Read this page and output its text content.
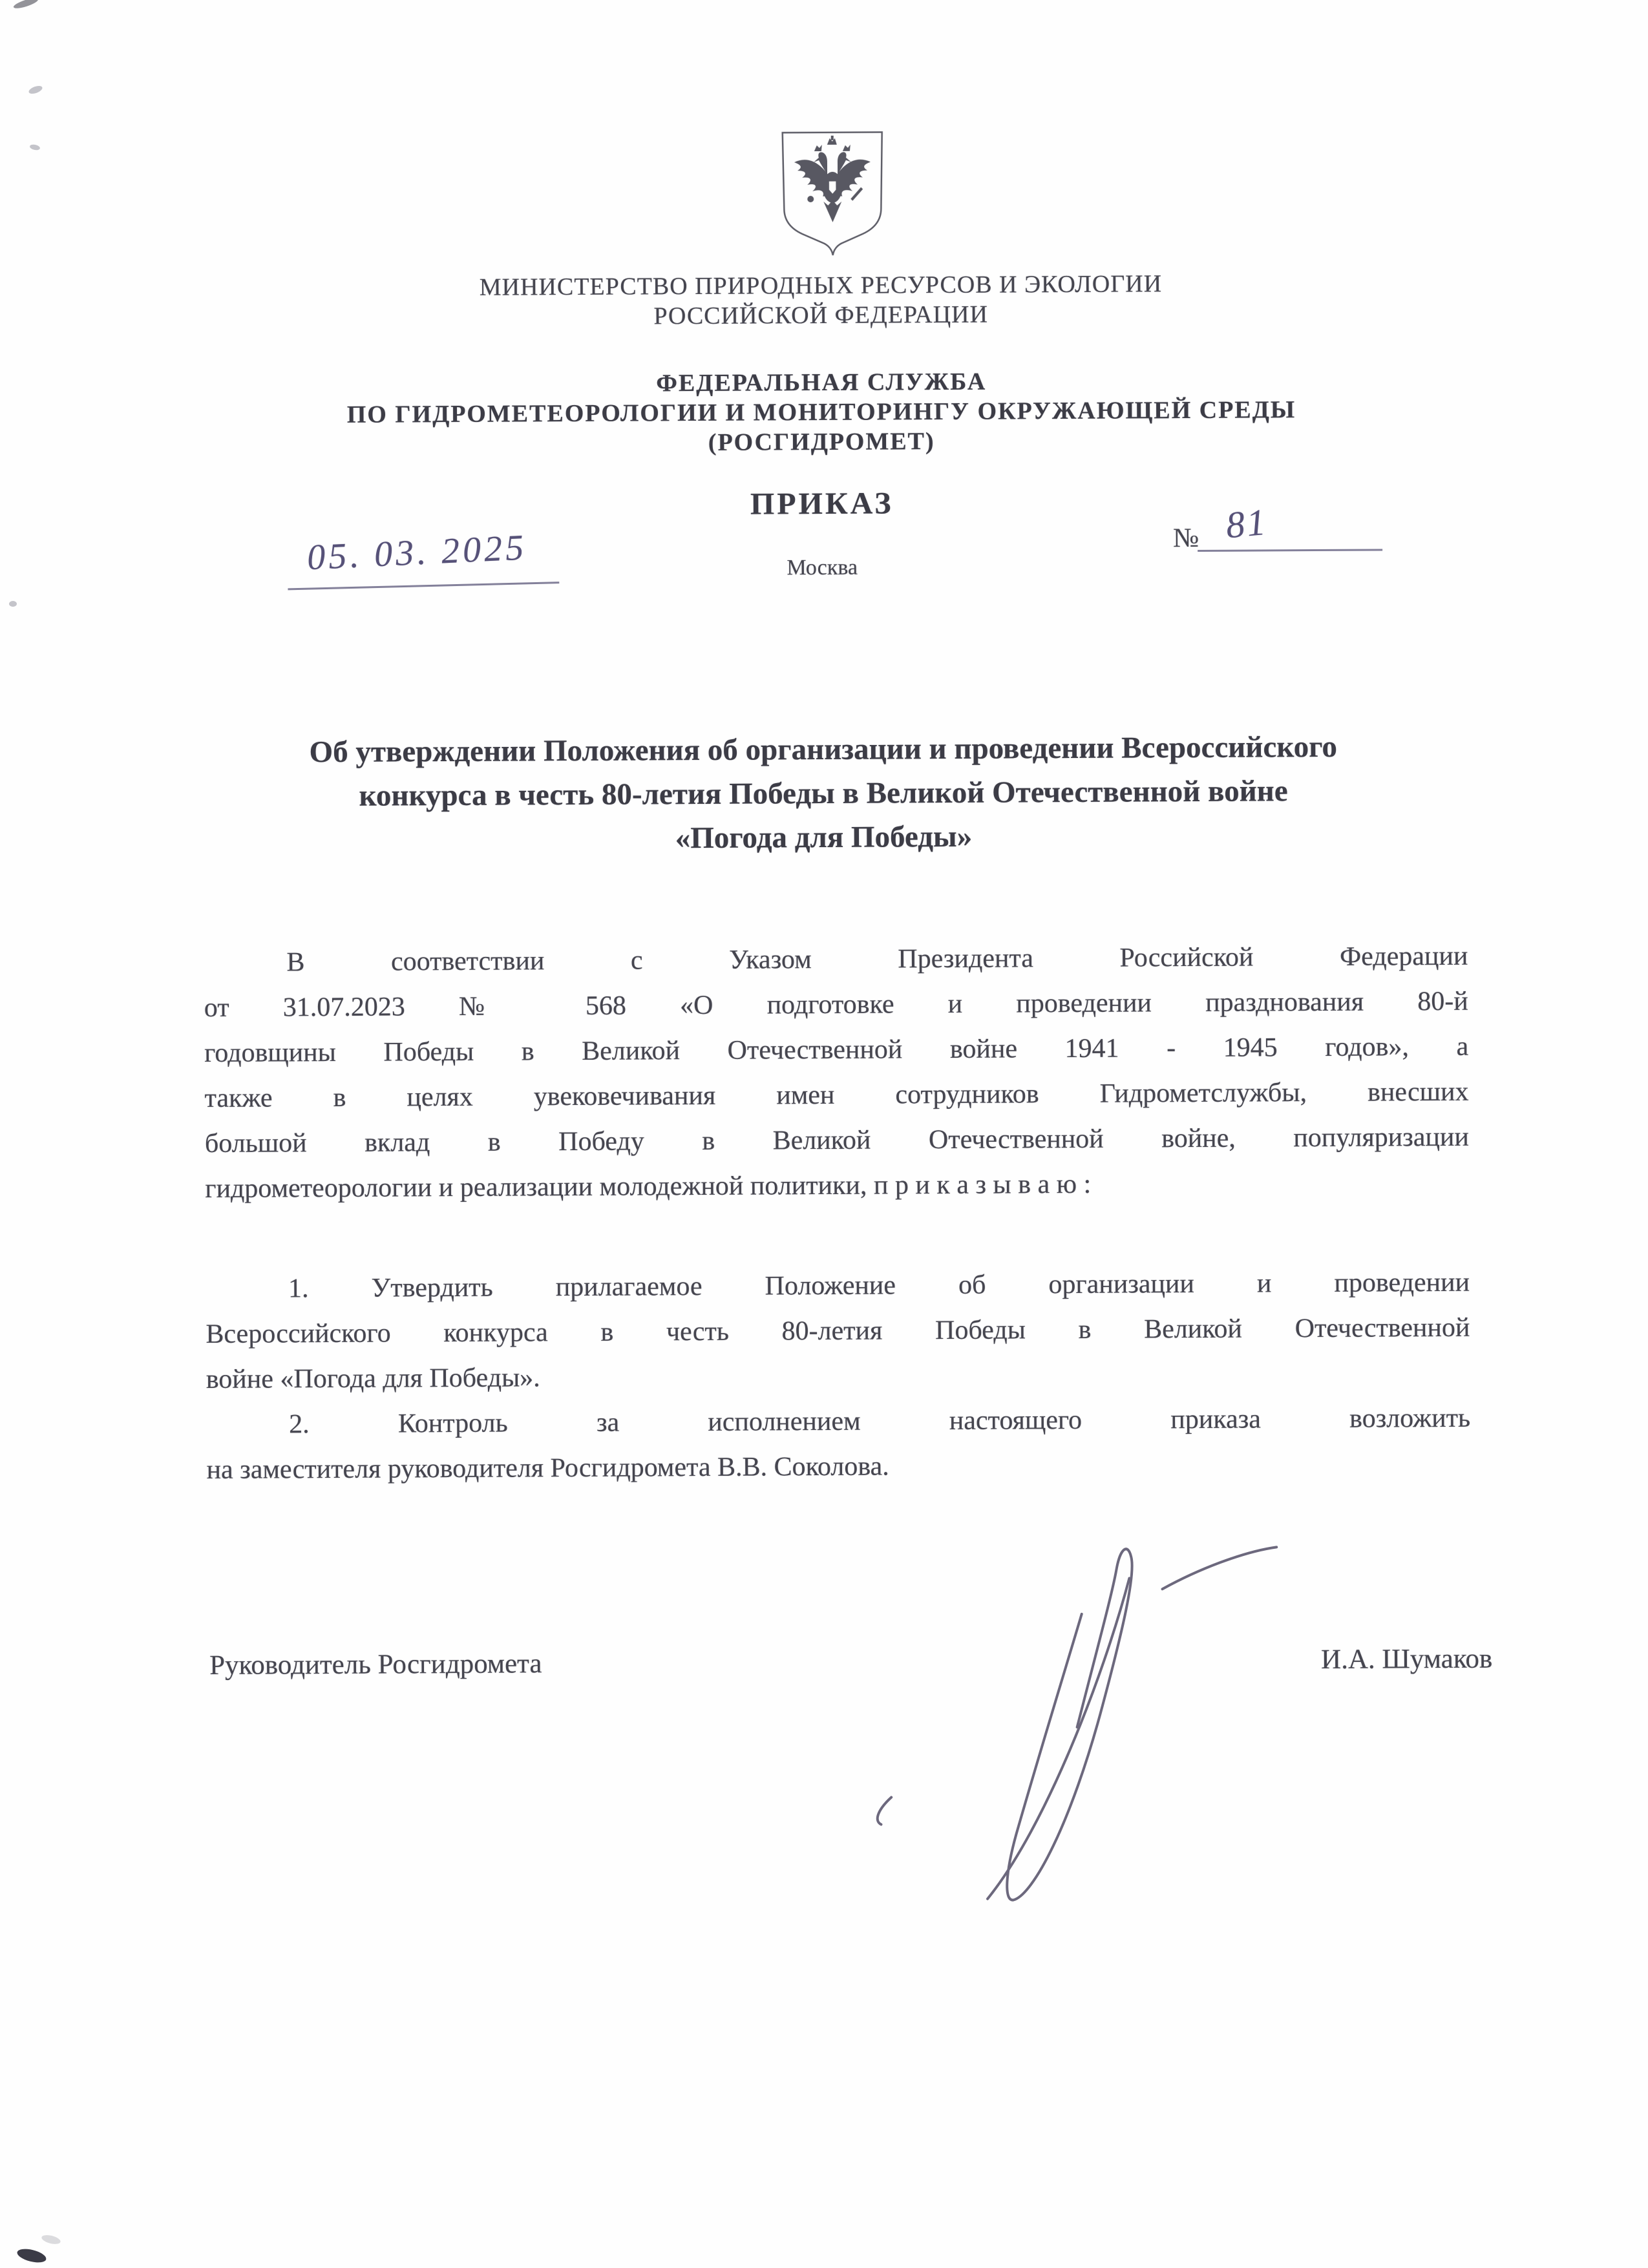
МИНИСТЕРСТВО ПРИРОДНЫХ РЕСУРСОВ И ЭКОЛОГИИ
РОССИЙСКОЙ ФЕДЕРАЦИИ
ФЕДЕРАЛЬНАЯ СЛУЖБА
ПО ГИДРОМЕТЕОРОЛОГИИ И МОНИТОРИНГУ ОКРУЖАЮЩЕЙ СРЕДЫ
(РОСГИДРОМЕТ)
ПРИКАЗ
05. 03. 2025	№ 81
Москва
Об утверждении Положения об организации и проведении Всероссийского
конкурса в честь 80-летия Победы в Великой Отечественной войне
«Погода для Победы»
В соответствии с Указом Президента Российской Федерации
от 31.07.2023 № 568 «О подготовке и проведении празднования 80-й
годовщины Победы в Великой Отечественной войне 1941 - 1945 годов», а
также в целях увековечивания имен сотрудников Гидрометслужбы, внесших
большой вклад в Победу в Великой Отечественной войне, популяризации
гидрометеорологии и реализации молодежной политики, п р и к а з ы в а ю :
1. Утвердить прилагаемое Положение об организации и проведении
Всероссийского конкурса в честь 80-летия Победы в Великой Отечественной
войне «Погода для Победы».
2. Контроль за исполнением настоящего приказа возложить
на заместителя руководителя Росгидромета В.В. Соколова.
Руководитель Росгидромета	И.А. Шумаков
